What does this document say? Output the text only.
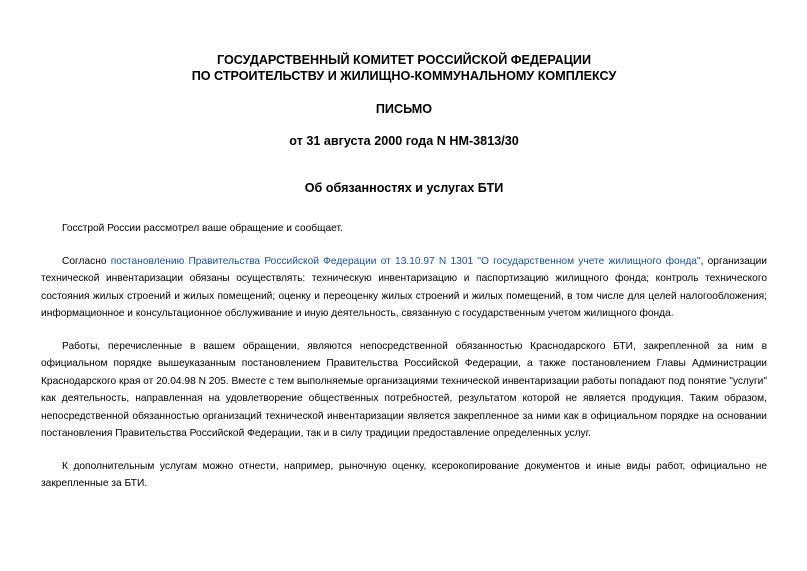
ГОСУДАРСТВЕННЫЙ КОМИТЕТ РОССИЙСКОЙ ФЕДЕРАЦИИ
ПО СТРОИТЕЛЬСТВУ И ЖИЛИЩНО-КОММУНАЛЬНОМУ КОМПЛЕКСУ
ПИСЬМО
от 31 августа 2000 года N НМ-3813/30
Об обязанностях и услугах БТИ

Госстрой России рассмотрел ваше обращение и сообщает.

Согласно постановлению Правительства Российской Федерации от 13.10.97 N 1301 "О государственном учете жилищного фонда", организации технической инвентаризации обязаны осуществлять: техническую инвентаризацию и паспортизацию жилищного фонда; контроль технического состояния жилых строений и жилых помещений; оценку и переоценку жилых строений и жилых помещений, в том числе для целей налогообложения; информационное и консультационное обслуживание и иную деятельность, связанную с государственным учетом жилищного фонда.

Работы, перечисленные в вашем обращении, являются непосредственной обязанностью Краснодарского БТИ, закрепленной за ним в официальном порядке вышеуказанным постановлением Правительства Российской Федерации, а также постановлением Главы Администрации Краснодарского края от 20.04.98 N 205. Вместе с тем выполняемые организациями технической инвентаризации работы попадают под понятие "услуги" как деятельность, направленная на удовлетворение общественных потребностей, результатом которой не является продукция. Таким образом, непосредственной обязанностью организаций технической инвентаризации является закрепленное за ними как в официальном порядке на основании постановления Правительства Российской Федерации, так и в силу традиции предоставление определенных услуг.

К дополнительным услугам можно отнести, например, рыночную оценку, ксерокопирование документов и иные виды работ, официально не закрепленные за БТИ.
